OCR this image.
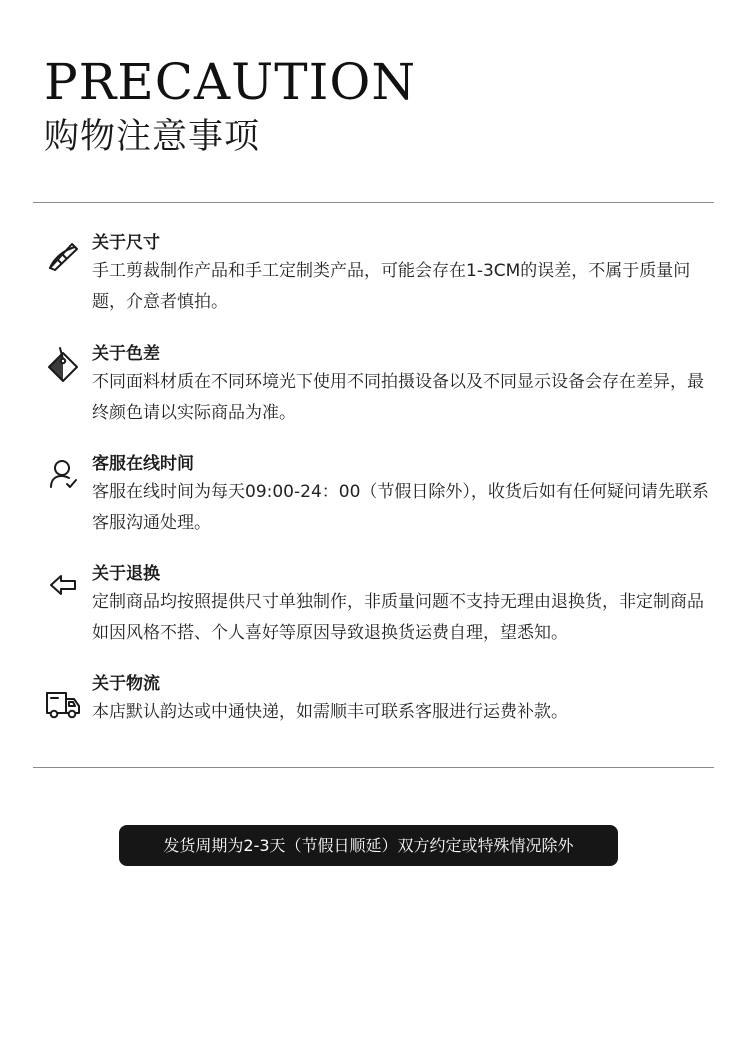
PRECAUTION
购物注意事项
关于尺寸
手工剪裁制作产品和手工定制类产品，可能会存在1-3CM的误差，不属于质量问题，介意者慎拍。
关于色差
不同面料材质在不同环境光下使用不同拍摄设备以及不同显示设备会存在差异，最终颜色请以实际商品为准。
客服在线时间
客服在线时间为每天09:00-24：00（节假日除外），收货后如有任何疑问请先联系客服沟通处理。
关于退换
定制商品均按照提供尺寸单独制作，非质量问题不支持无理由退换货，非定制商品如因风格不搭、个人喜好等原因导致退换货运费自理，望悉知。
关于物流
本店默认韵达或中通快递，如需顺丰可联系客服进行运费补款。
发货周期为2-3天（节假日顺延）双方约定或特殊情况除外
